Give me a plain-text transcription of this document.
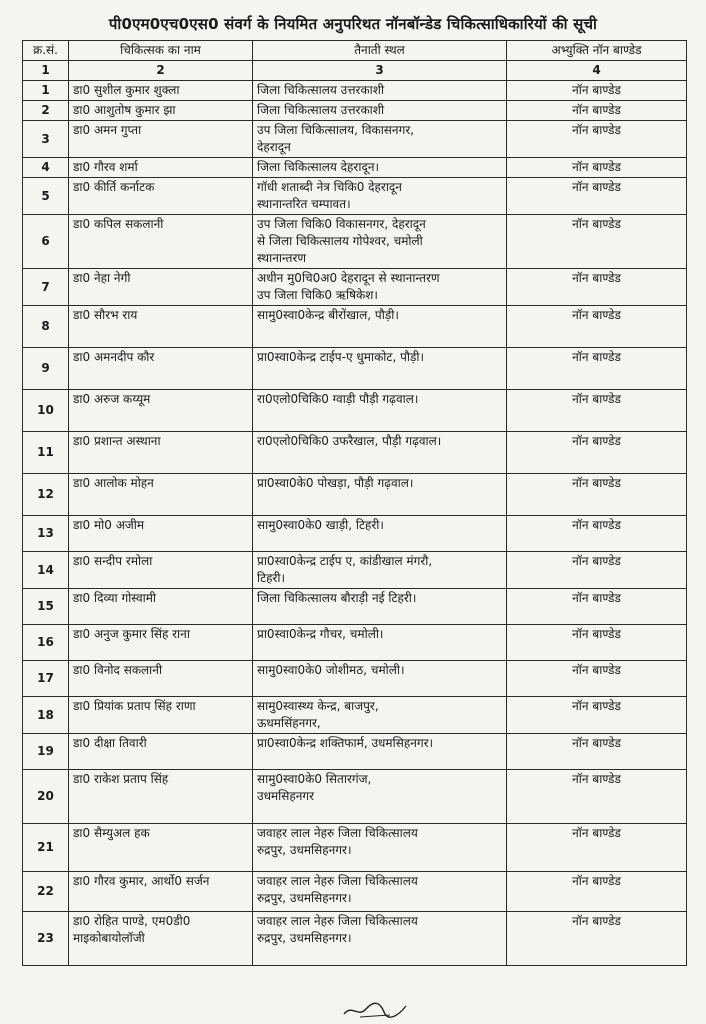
पी0एम0एच0एस0 संवर्ग के नियमित अनुपरिथत नॉनबॉन्डेड चिकित्साधिकारियों की सूची
क्र.सं.	चिकित्सक का नाम	तैनाती स्थल	अभ्युक्ति नॉन बाण्डेड
1	2	3	4
1	डा0 सुशील कुमार शुक्ला	जिला चिकित्सालय उत्तरकाशी	नॉन बाण्डेड
2	डा0 आशुतोष कुमार झा	जिला चिकित्सालय उत्तरकाशी	नॉन बाण्डेड
3	डा0 अमन गुप्ता	उप जिला चिकित्सालय, विकासनगर,
देहरादून	नॉन बाण्डेड
4	डा0 गौरव शर्मा	जिला चिकित्सालय देहरादून।	नॉन बाण्डेड
5	डा0 कीर्ति कर्नाटक	गॉधी शताब्दी नेत्र चिकि0 देहरादून
स्थानान्तरित चम्पावत।	नॉन बाण्डेड
6	डा0 कपिल सकलानी	उप जिला चिकि0 विकासनगर, देहरादून
से जिला चिकित्सालय गोपेश्वर, चमोली
स्थानान्तरण	नॉन बाण्डेड
7	डा0 नेहा नेगी	अधीन मु0चि0अ0 देहरादून से स्थानान्तरण
उप जिला चिकि0 ऋषिकेश।	नॉन बाण्डेड
8	डा0 सौरभ राय	सामु0स्वा0केन्द्र बीरोंखाल, पौड़ी।	नॉन बाण्डेड
9	डा0 अमनदीप कौर	प्रा0स्वा0केन्द्र टाईप-ए धुमाकोट, पौड़ी।	नॉन बाण्डेड
10	डा0 अरुज कय्यूम	रा0एलो0चिकि0 ग्वाड़ी पौड़ी गढ़वाल।	नॉन बाण्डेड
11	डा0 प्रशान्त अस्थाना	रा0एलो0चिकि0 उफरैखाल, पौड़ी गढ़वाल।	नॉन बाण्डेड
12	डा0 आलोक मोहन	प्रा0स्वा0के0 पोखड़ा, पौड़ी गढ़वाल।	नॉन बाण्डेड
13	डा0 मो0 अजीम	सामु0स्वा0के0 खाड़ी, टिहरी।	नॉन बाण्डेड
14	डा0 सन्दीप रमोला	प्रा0स्वा0केन्द्र टाईप ए, कांडीखाल मंगरौ,
टिहरी।	नॉन बाण्डेड
15	डा0 दिव्या गोस्वामी	जिला चिकित्सालय बौराड़ी नई टिहरी।	नॉन बाण्डेड
16	डा0 अनुज कुमार सिंह राना	प्रा0स्वा0केन्द्र गौचर, चमोली।	नॉन बाण्डेड
17	डा0 विनोद सकलानी	सामु0स्वा0के0 जोशीमठ, चमोली।	नॉन बाण्डेड
18	डा0 प्रियांक प्रताप सिंह राणा	सामु0स्वास्थ्य केन्द्र, बाजपुर,
ऊधमसिंहनगर,	नॉन बाण्डेड
19	डा0 दीक्षा तिवारी	प्रा0स्वा0केन्द्र शक्तिफार्म, उधमसिहनगर।	नॉन बाण्डेड
20	डा0 राकेश प्रताप सिंह	सामु0स्वा0के0 सितारगंज,
उधमसिहनगर	नॉन बाण्डेड
21	डा0 सैम्युअल हक	जवाहर लाल नेहरु जिला चिकित्सालय
रुद्रपुर, उधमसिहनगर।	नॉन बाण्डेड
22	डा0 गौरव कुमार, आर्थो0 सर्जन	जवाहर लाल नेहरु जिला चिकित्सालय
रुद्रपुर, उधमसिहनगर।	नॉन बाण्डेड
23	डा0 रोहित पाण्डे, एम0डी0
माइकोबायोलॉजी	जवाहर लाल नेहरु जिला चिकित्सालय
रुद्रपुर, उधमसिहनगर।	नॉन बाण्डेड
